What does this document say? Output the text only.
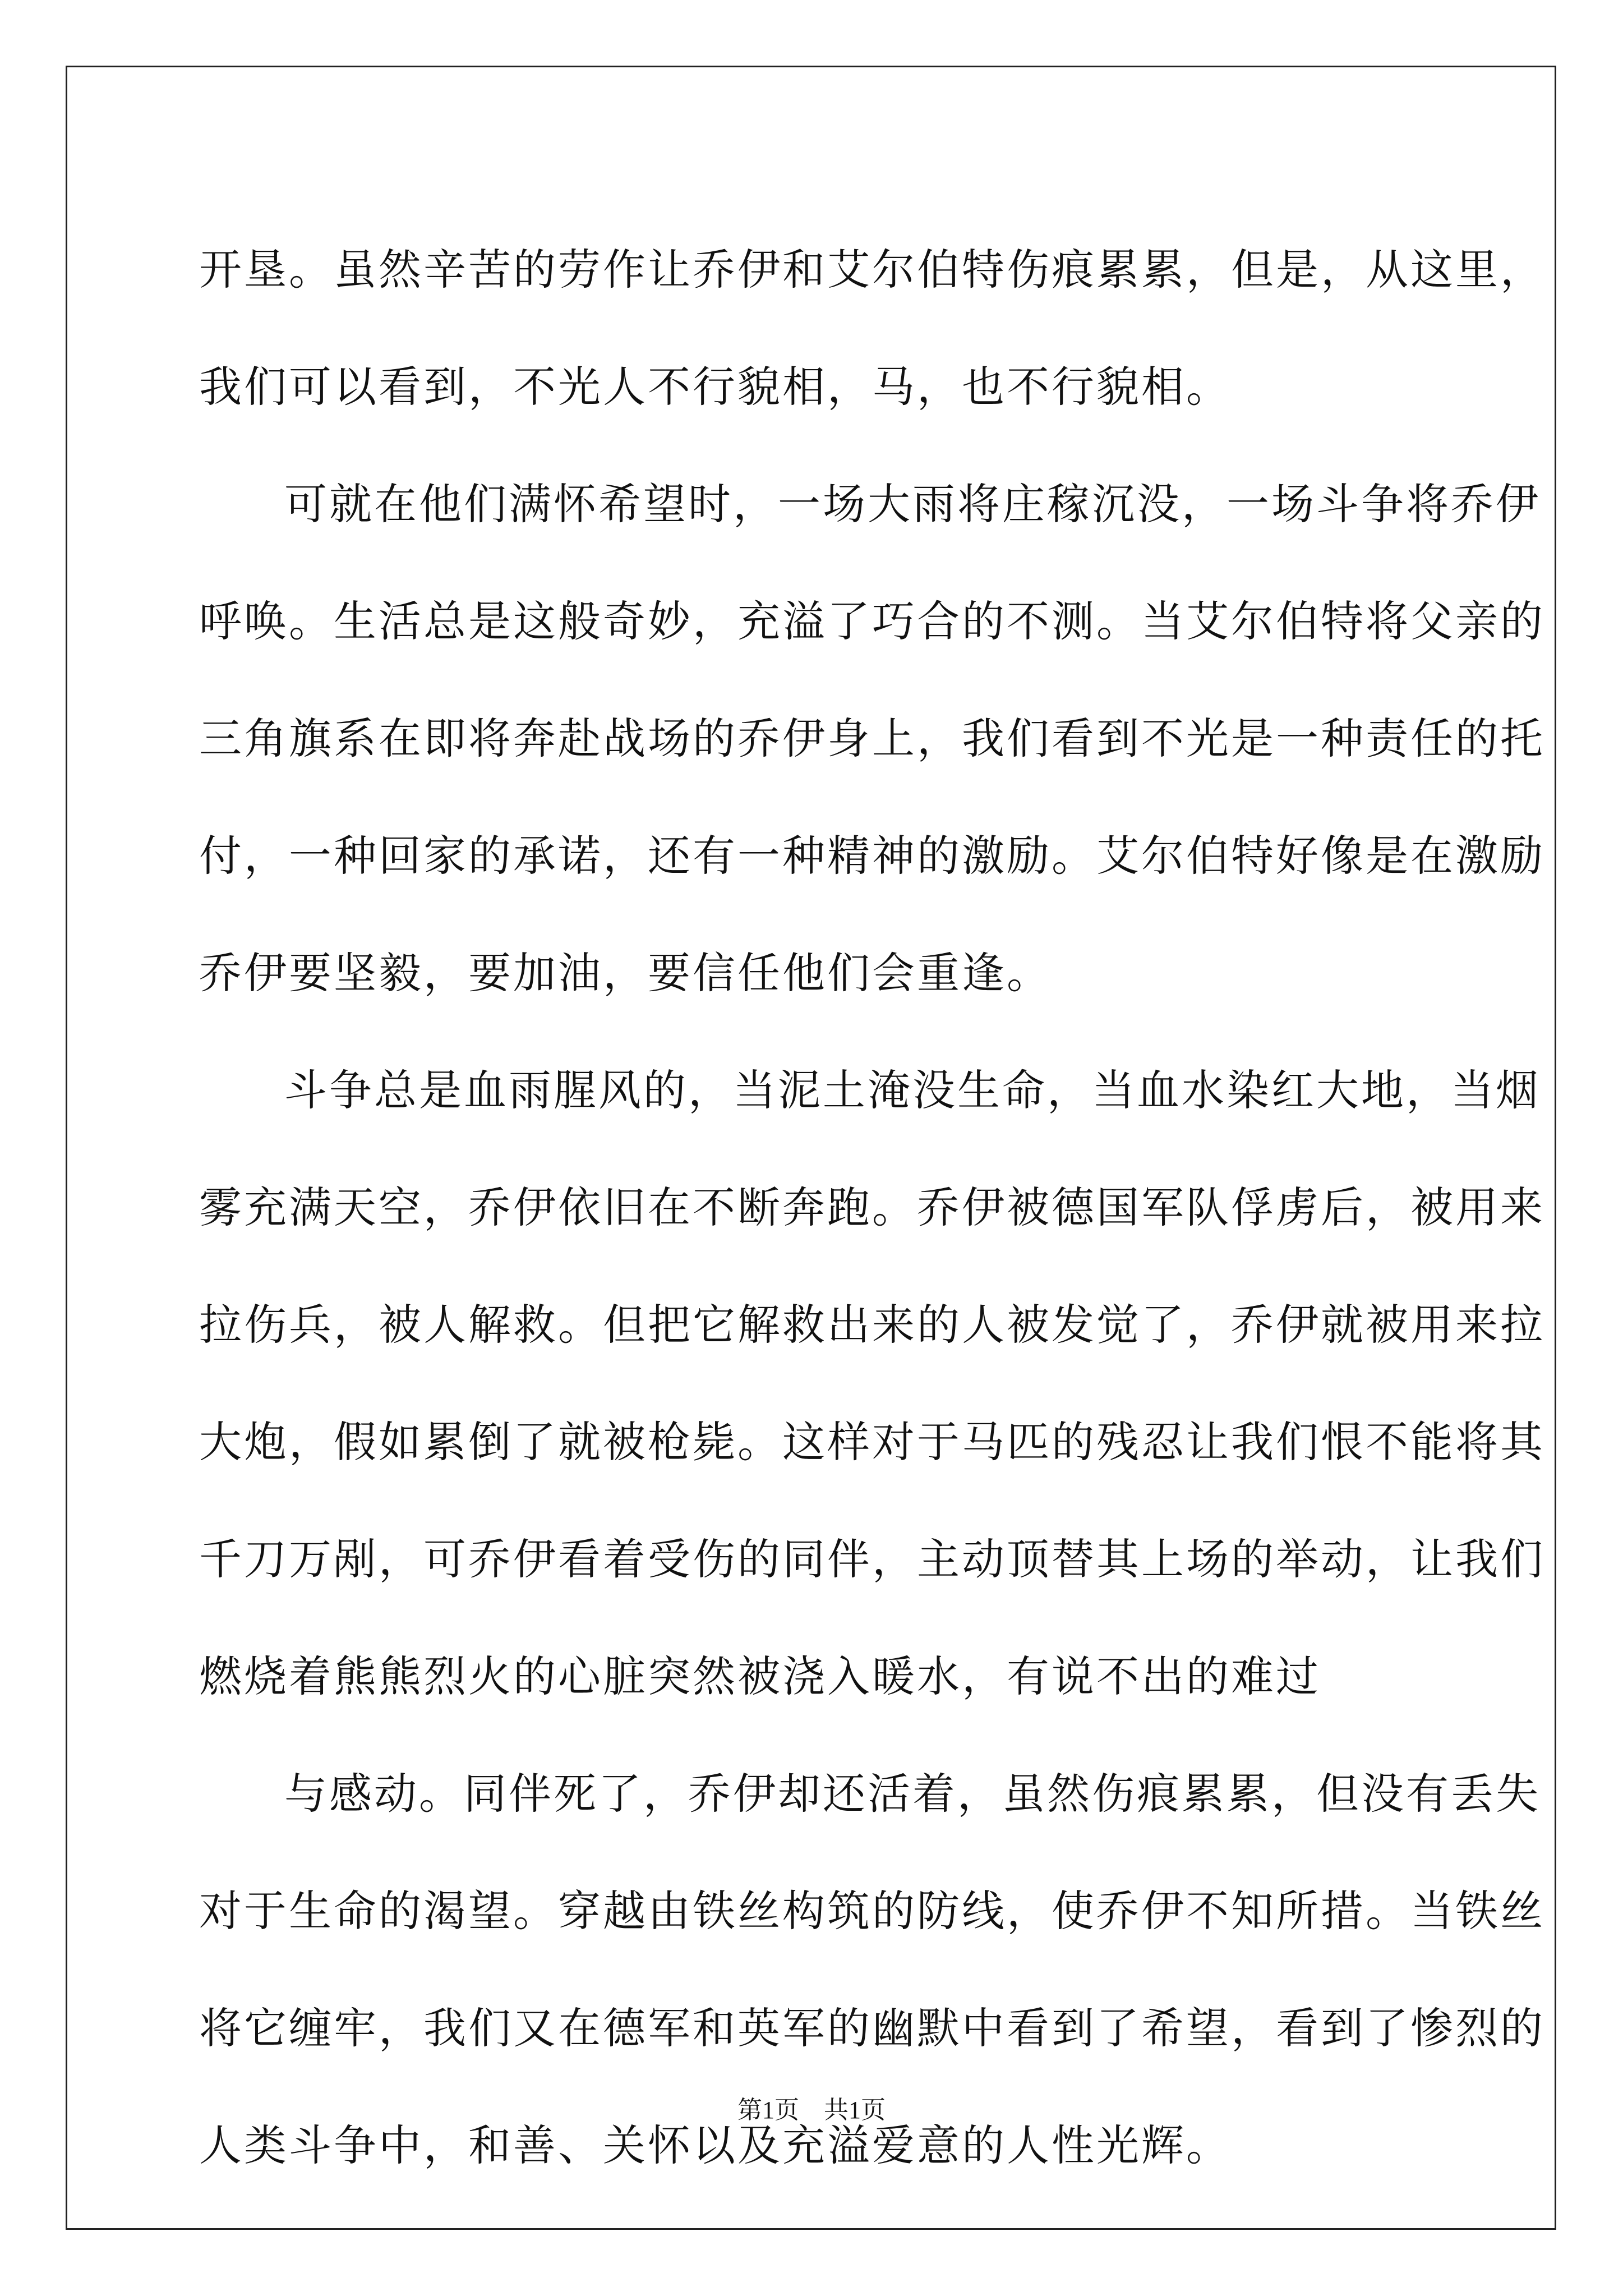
开垦。虽然辛苦的劳作让乔伊和艾尔伯特伤痕累累，但是，从这里，
我们可以看到，不光人不行貌相，马，也不行貌相。
可就在他们满怀希望时，一场大雨将庄稼沉没，一场斗争将乔伊
呼唤。生活总是这般奇妙，充溢了巧合的不测。当艾尔伯特将父亲的
三角旗系在即将奔赴战场的乔伊身上，我们看到不光是一种责任的托
付，一种回家的承诺，还有一种精神的激励。艾尔伯特好像是在激励
乔伊要坚毅，要加油，要信任他们会重逢。
斗争总是血雨腥风的，当泥土淹没生命，当血水染红大地，当烟
雾充满天空，乔伊依旧在不断奔跑。乔伊被德国军队俘虏后，被用来
拉伤兵，被人解救。但把它解救出来的人被发觉了，乔伊就被用来拉
大炮，假如累倒了就被枪毙。这样对于马匹的残忍让我们恨不能将其
千刀万剐，可乔伊看着受伤的同伴，主动顶替其上场的举动，让我们
燃烧着熊熊烈火的心脏突然被浇入暖水，有说不出的难过
与感动。同伴死了，乔伊却还活着，虽然伤痕累累，但没有丢失
对于生命的渴望。穿越由铁丝构筑的防线，使乔伊不知所措。当铁丝
将它缠牢，我们又在德军和英军的幽默中看到了希望，看到了惨烈的
人类斗争中，和善、关怀以及充溢爱意的人性光辉。
第1页　共1页
